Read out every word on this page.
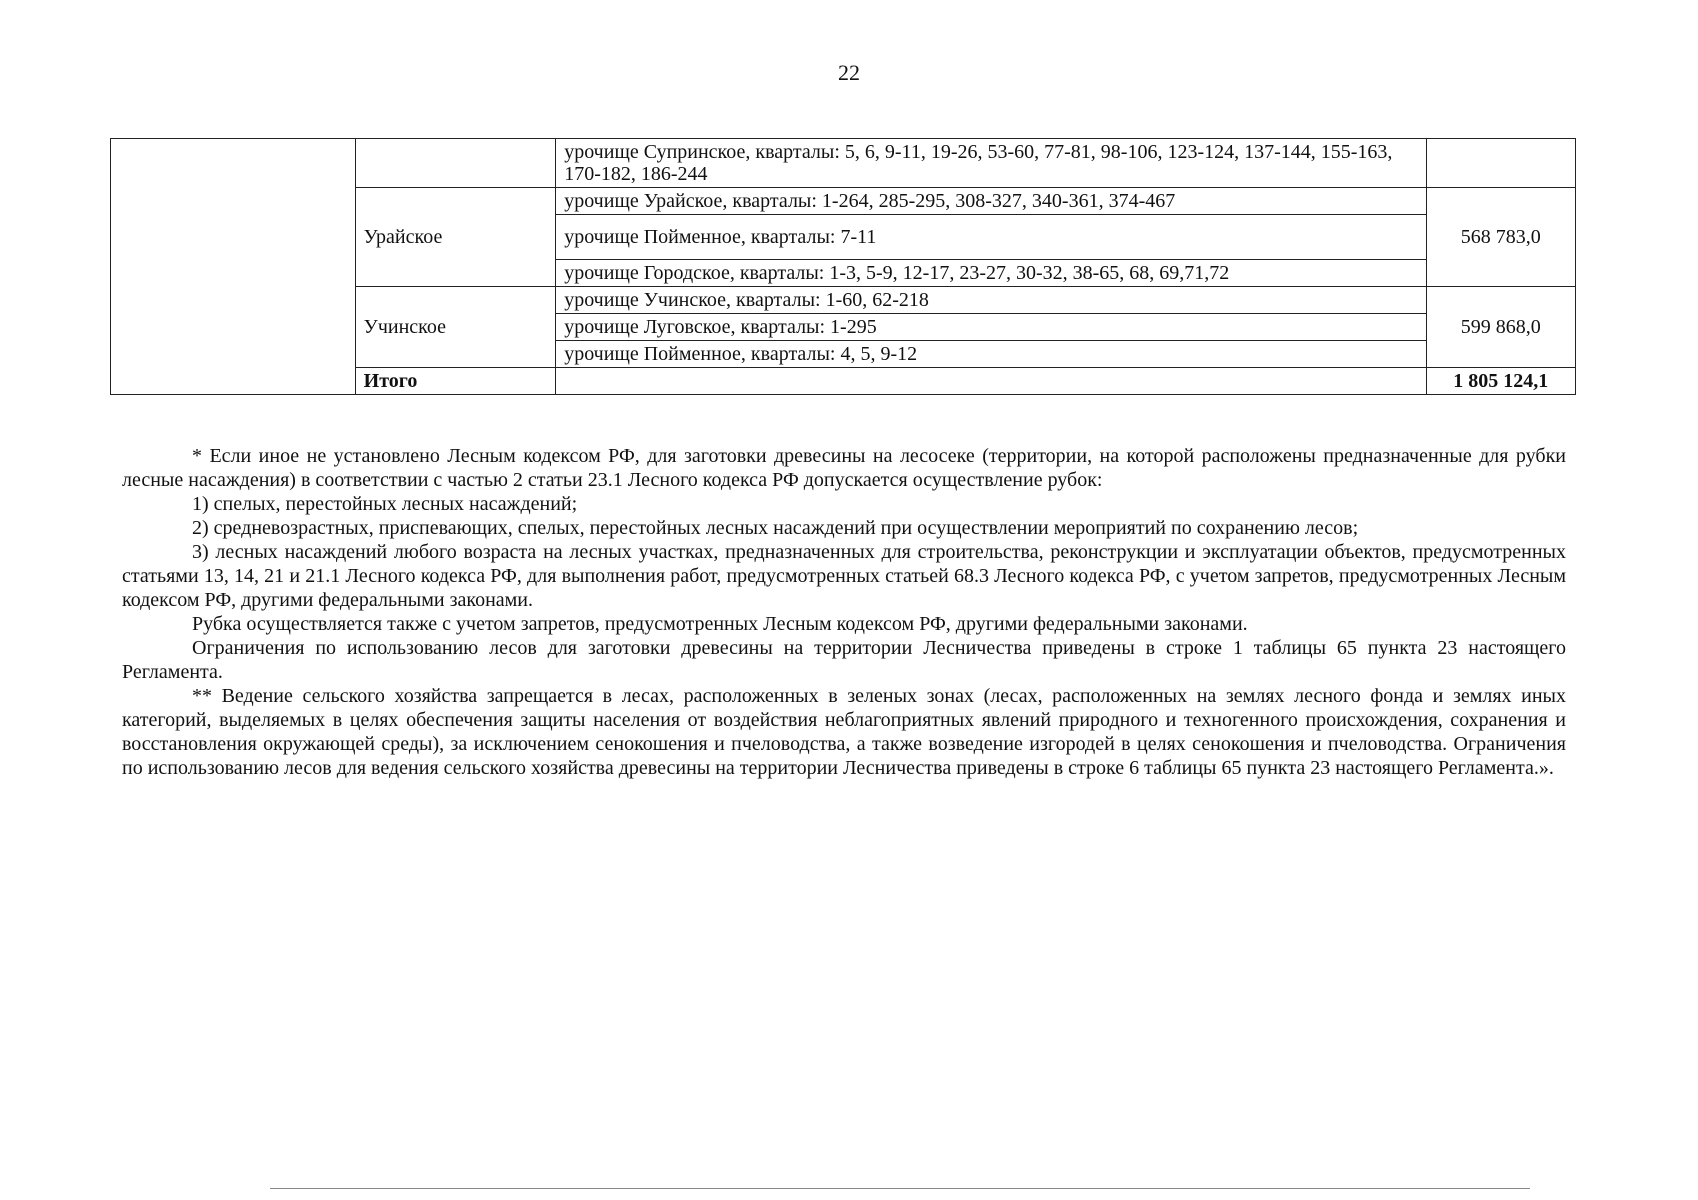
22
		урочище Супринское, кварталы: 5, 6, 9-11, 19-26, 53-60, 77-81, 98-106, 123-124, 137-144, 155-163, 170-182, 186-244	
	Урайское	урочище Урайское, кварталы: 1-264, 285-295, 308-327, 340-361, 374-467	568 783,0
		урочище Пойменное, кварталы: 7-11	
		урочище Городское, кварталы: 1-3, 5-9, 12-17, 23-27, 30-32, 38-65, 68, 69,71,72	
	Учинское	урочище Учинское, кварталы: 1-60, 62-218	599 868,0
		урочище Луговское, кварталы: 1-295	
		урочище Пойменное, кварталы: 4, 5, 9-12	
	Итого		1 805 124,1

* Если иное не установлено Лесным кодексом РФ, для заготовки древесины на лесосеке (территории, на которой расположены предназначенные для рубки лесные насаждения) в соответствии с частью 2 статьи 23.1 Лесного кодекса РФ допускается осуществление рубок:

1) спелых, перестойных лесных насаждений;

2) средневозрастных, приспевающих, спелых, перестойных лесных насаждений при осуществлении мероприятий по сохранению лесов;

3) лесных насаждений любого возраста на лесных участках, предназначенных для строительства, реконструкции и эксплуатации объектов, предусмотренных статьями 13, 14, 21 и 21.1 Лесного кодекса РФ, для выполнения работ, предусмотренных статьей 68.3 Лесного кодекса РФ, с учетом запретов, предусмотренных Лесным кодексом РФ, другими федеральными законами.

Рубка осуществляется также с учетом запретов, предусмотренных Лесным кодексом РФ, другими федеральными законами.

Ограничения по использованию лесов для заготовки древесины на территории Лесничества приведены в строке 1 таблицы 65 пункта 23 настоящего Регламента.

** Ведение сельского хозяйства запрещается в лесах, расположенных в зеленых зонах (лесах, расположенных на землях лесного фонда и землях иных категорий, выделяемых в целях обеспечения защиты населения от воздействия неблагоприятных явлений природного и техногенного происхождения, сохранения и восстановления окружающей среды), за исключением сенокошения и пчеловодства, а также возведение изгородей в целях сенокошения и пчеловодства. Ограничения по использованию лесов для ведения сельского хозяйства древесины на территории Лесничества приведены в строке 6 таблицы 65 пункта 23 настоящего Регламента.».
